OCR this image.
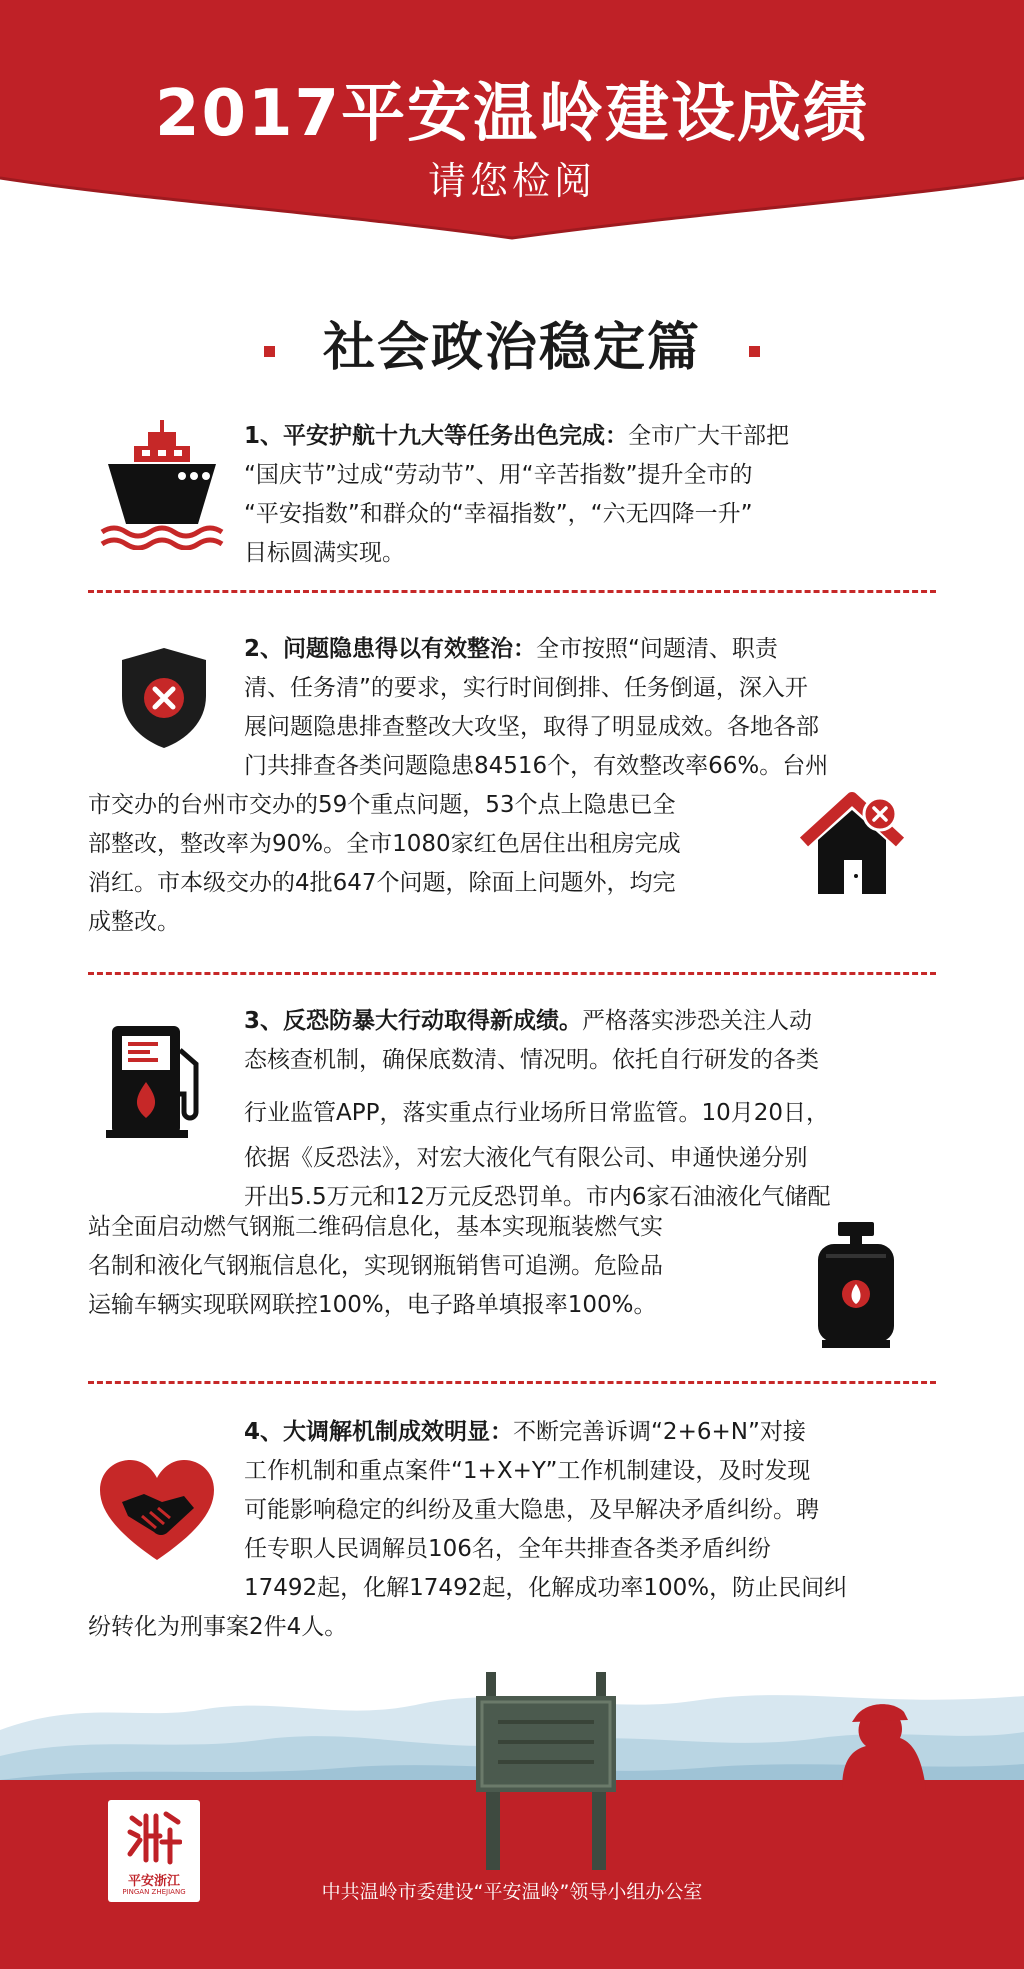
2017平安温岭建设成绩
请您检阅
社会政治稳定篇
1、平安护航十九大等任务出色完成：全市广大干部把
“国庆节”过成“劳动节”、用“辛苦指数”提升全市的
“平安指数”和群众的“幸福指数”，“六无四降一升”
目标圆满实现。
2、问题隐患得以有效整治：全市按照“问题清、职责
清、任务清”的要求，实行时间倒排、任务倒逼，深入开
展问题隐患排查整改大攻坚，取得了明显成效。各地各部
门共排查各类问题隐患84516个，有效整改率66%。台州
市交办的台州市交办的59个重点问题，53个点上隐患已全
部整改，整改率为90%。全市1080家红色居住出租房完成
消红。市本级交办的4批647个问题，除面上问题外，均完
成整改。
3、反恐防暴大行动取得新成绩。严格落实涉恐关注人动
态核查机制，确保底数清、情况明。依托自行研发的各类
行业监管APP，落实重点行业场所日常监管。10月20日，
依据《反恐法》，对宏大液化气有限公司、申通快递分别
开出5.5万元和12万元反恐罚单。市内6家石油液化气储配
站全面启动燃气钢瓶二维码信息化，基本实现瓶装燃气实
名制和液化气钢瓶信息化，实现钢瓶销售可追溯。危险品
运输车辆实现联网联控100%，电子路单填报率100%。
4、大调解机制成效明显：不断完善诉调“2+6+N”对接
工作机制和重点案件“1+X+Y”工作机制建设，及时发现
可能影响稳定的纠纷及重大隐患，及早解决矛盾纠纷。聘
任专职人民调解员106名，全年共排查各类矛盾纠纷
17492起，化解17492起，化解成功率100%，防止民间纠
纷转化为刑事案2件4人。
平安浙江
PINGAN ZHEJIANG	中共温岭市委建设“平安温岭”领导小组办公室
